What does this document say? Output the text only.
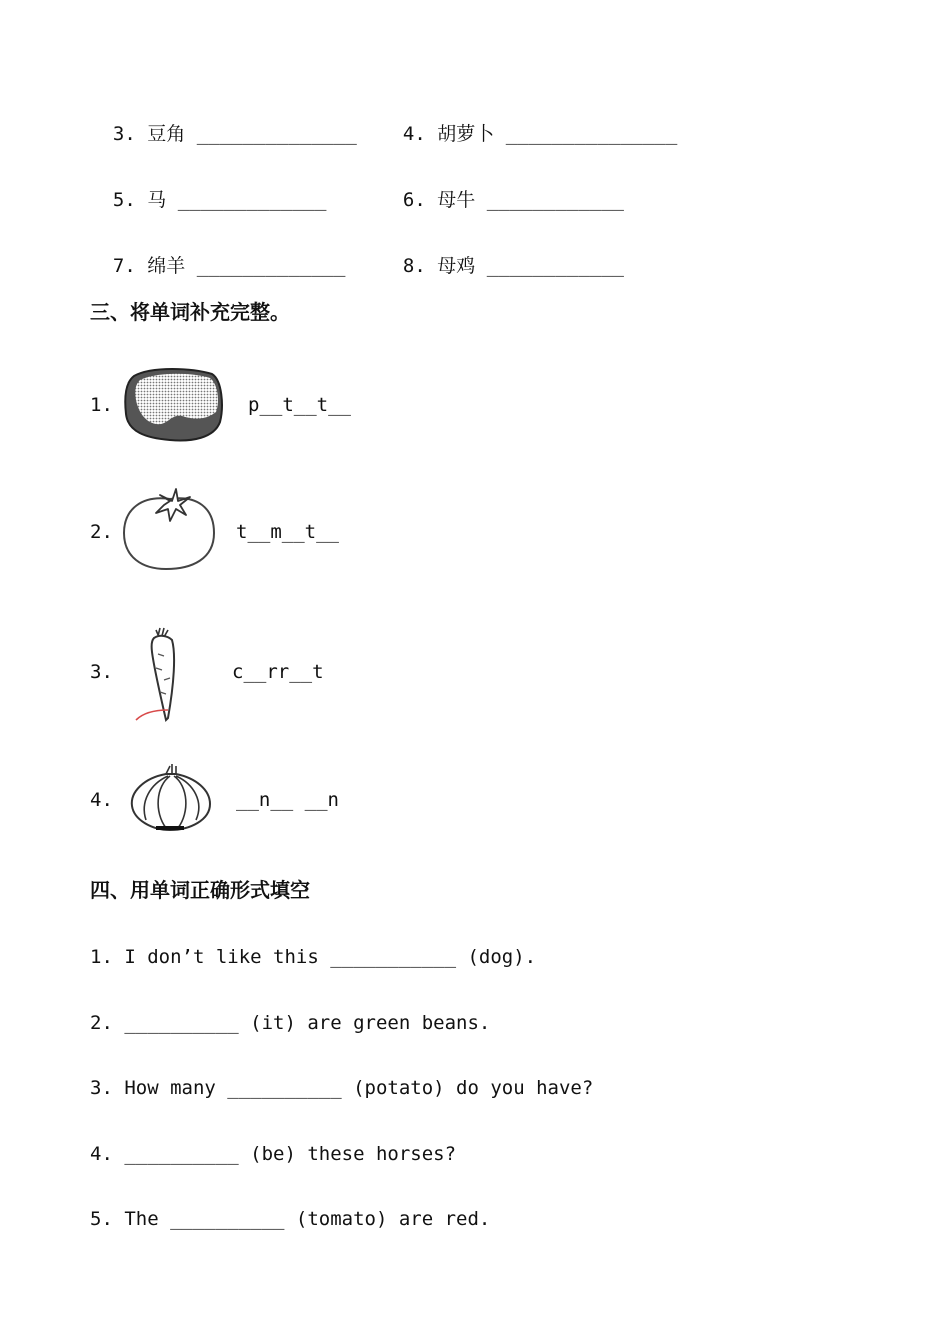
3. 豆角 ______________	4. 胡萝卜 _______________

5. 马 _____________	6. 母牛 ____________

7. 绵羊 _____________	8. 母鸡 ____________

三、将单词补充完整。
1.	p__t__t__
2.	t__m__t__
3.	c__rr__t
4.	__n__ __n
四、用单词正确形式填空
1. I don’t like this ___________ (dog).
2. __________ (it) are green beans.
3. How many __________ (potato) do you have?
4. __________ (be) these horses?
5. The __________ (tomato) are red.
